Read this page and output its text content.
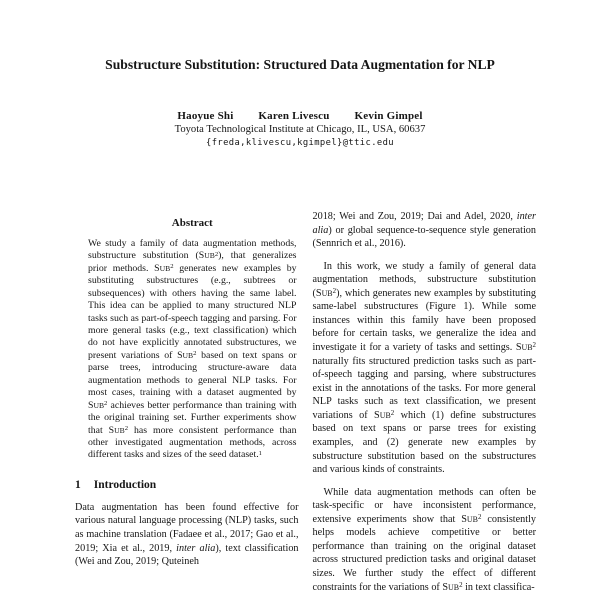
Substructure Substitution: Structured Data Augmentation for NLP
Haoyue Shi Karen Livescu Kevin Gimpel
Toyota Technological Institute at Chicago, IL, USA, 60637
{freda,klivescu,kgimpel}@ttic.edu
Abstract

We study a family of data augmentation methods, substructure substitution (SUB$^2$), that generalizes prior methods. SUB$^2$ generates new examples by substituting substructures (e.g., subtrees or subsequences) with others having the same label. This idea can be applied to many structured NLP tasks such as part-of-speech tagging and parsing. For more general tasks (e.g., text classification) which do not have explicitly annotated substructures, we present variations of SUB$^2$ based on text spans or parse trees, introducing structure-aware data augmentation methods to general NLP tasks. For most cases, training with a dataset augmented by SUB$^2$ achieves better performance than training with the original training set. Further experiments show that SUB$^2$ has more consistent performance than other investigated augmentation methods, across different tasks and sizes of the seed dataset.$^1$

1 Introduction

Data augmentation has been found effective for various natural language processing (NLP) tasks, such as machine translation (Fadaee et al., 2017; Gao et al., 2019; Xia et al., 2019, inter alia), text classification (Wei and Zou, 2019; Quteineh

2018; Wei and Zou, 2019; Dai and Adel, 2020, inter alia) or global sequence-to-sequence style generation (Sennrich et al., 2016).

In this work, we study a family of general data augmentation methods, substructure substitution (SUB$^2$), which generates new examples by substituting same-label substructures (Figure 1). While some instances within this family have been proposed before for certain tasks, we generalize the idea and investigate it for a variety of tasks and settings. SUB$^2$ naturally fits structured prediction tasks such as part-of-speech tagging and parsing, where substructures exist in the annotations of the tasks. For more general NLP tasks such as text classification, we present variations of SUB$^2$ which (1) define substructures based on text spans or parse trees for existing examples, and (2) generate new examples by substructure substitution based on the substructures and various kinds of constraints.

While data augmentation methods can often be task-specific or have inconsistent performance, extensive experiments show that SUB$^2$ consistently helps models achieve competitive or better performance than training on the original dataset across structured prediction tasks and original dataset sizes. We further study the effect of different constraints for the variations of SUB$^2$ in text classifica-
